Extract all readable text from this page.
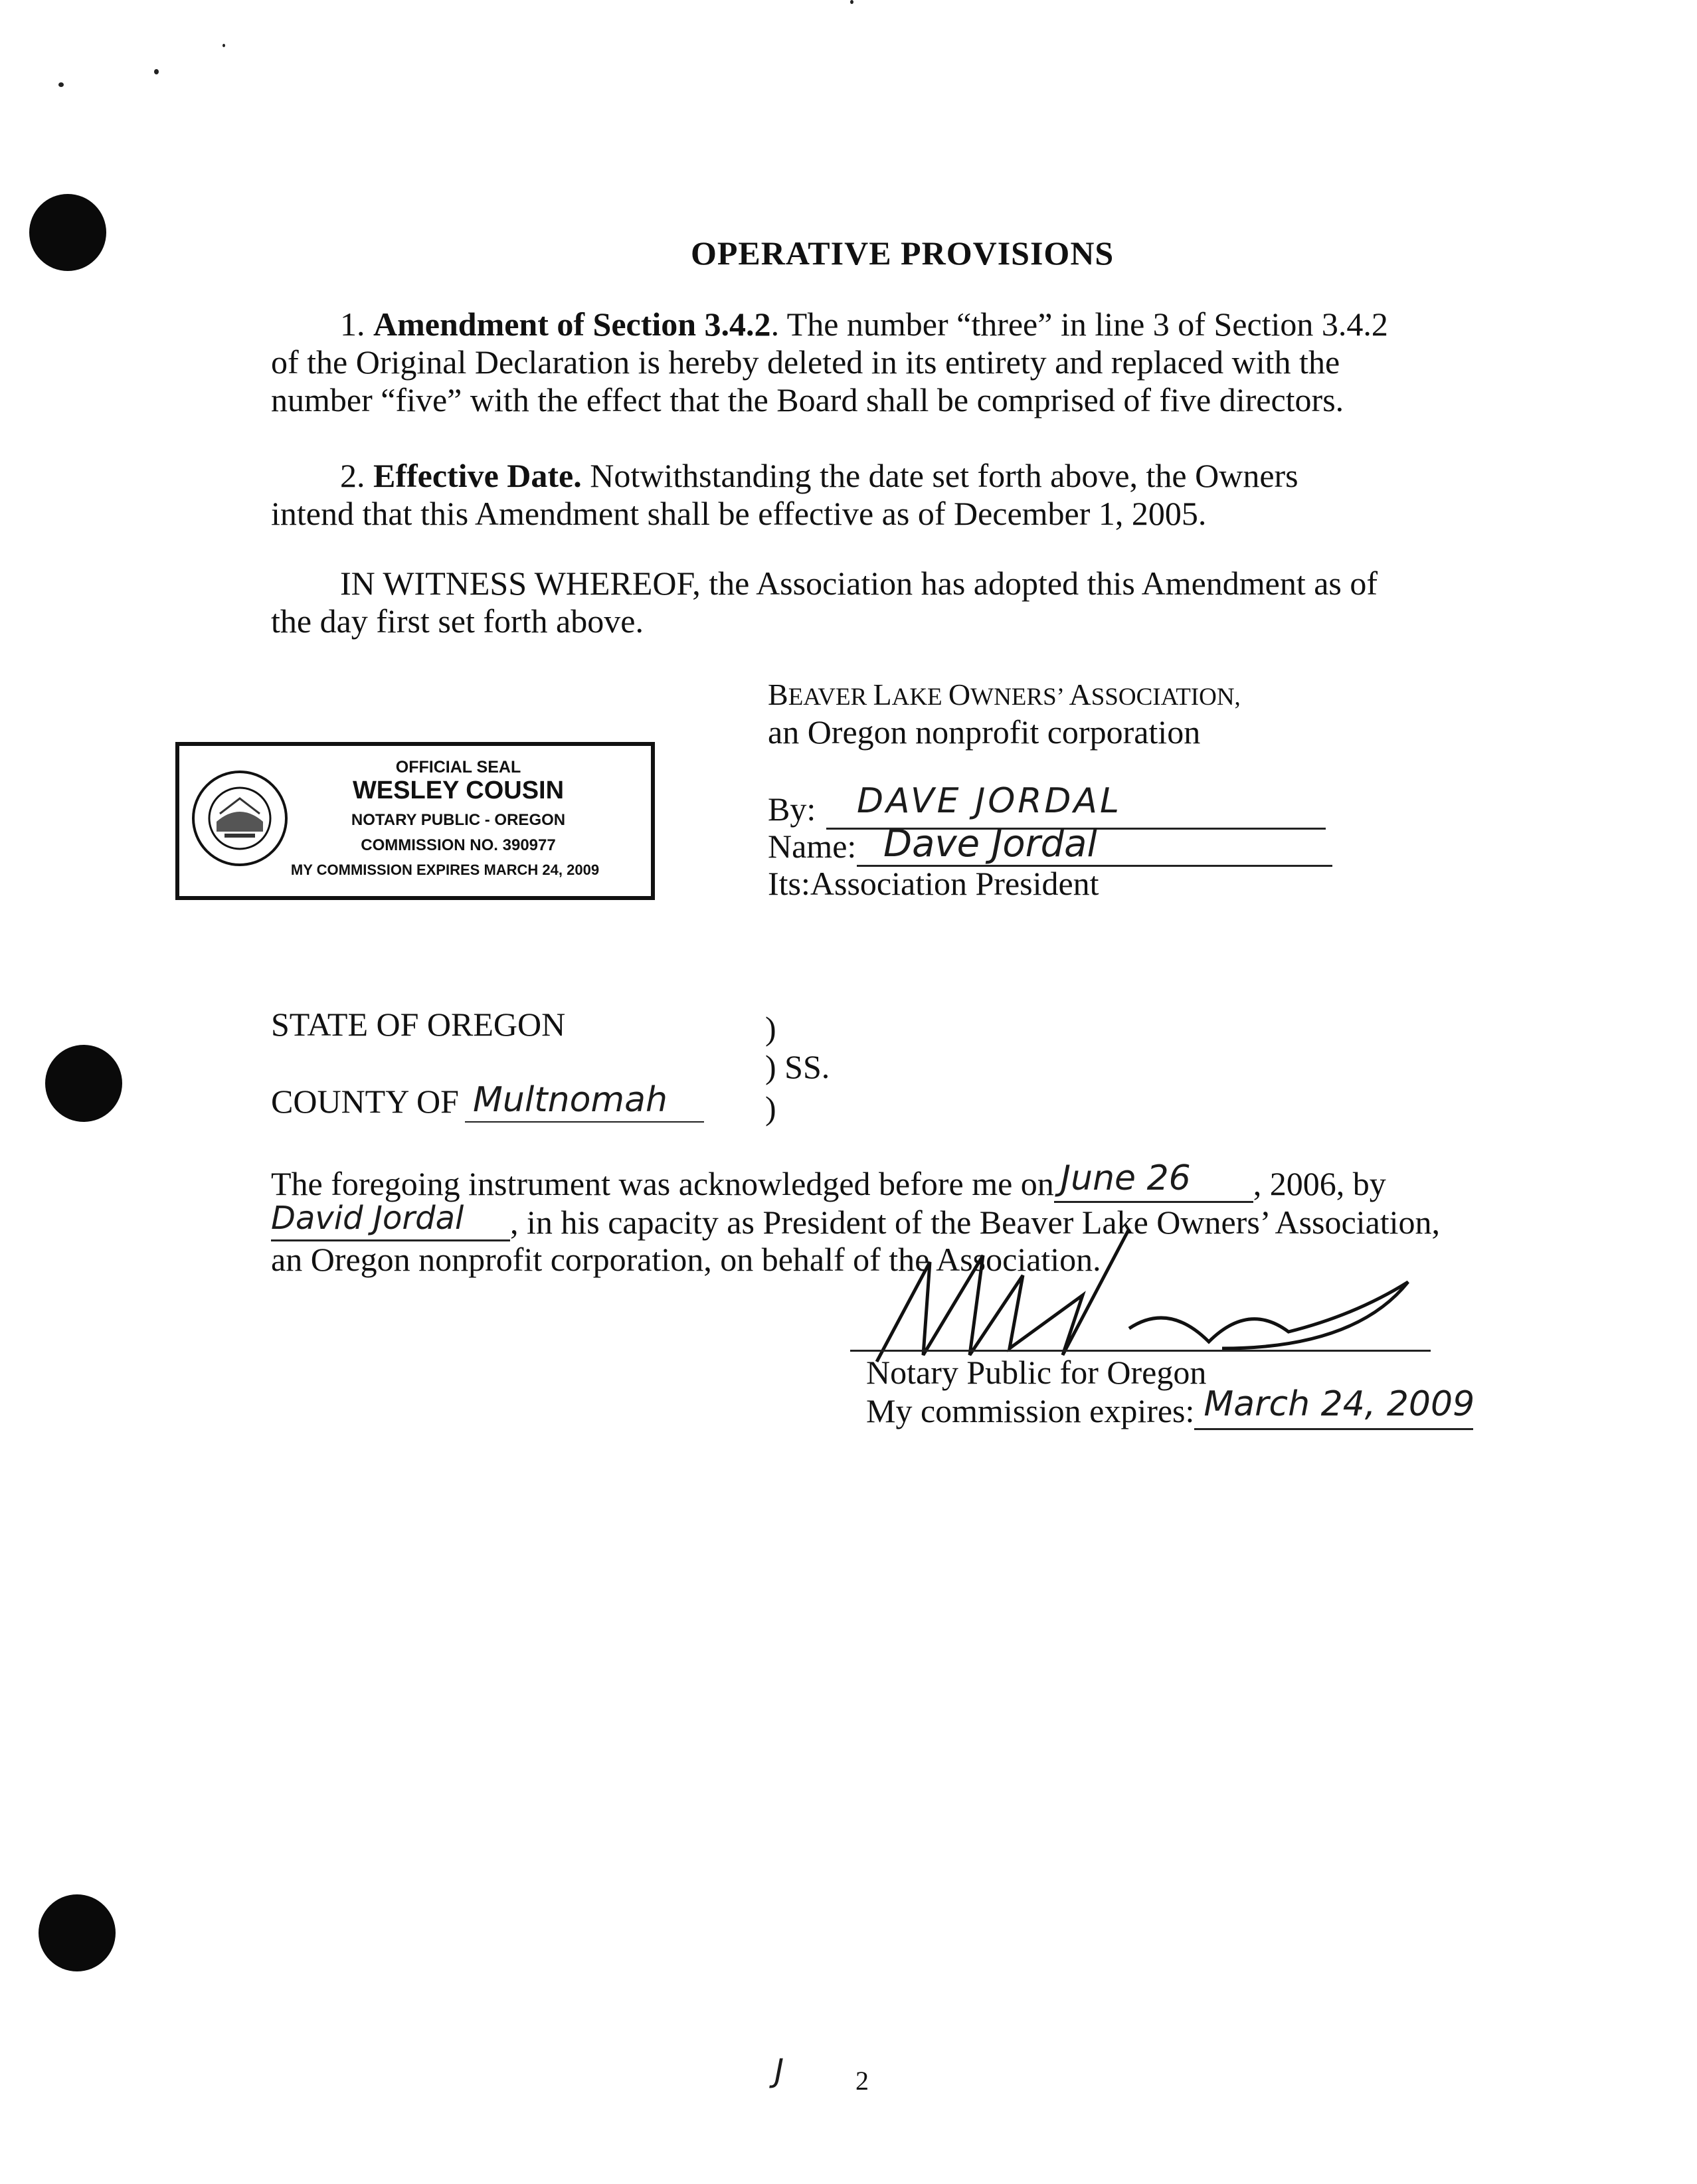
OPERATIVE PROVISIONS
1. Amendment of Section 3.4.2. The number “three” in line 3 of Section 3.4.2
of the Original Declaration is hereby deleted in its entirety and replaced with the
number “five” with the effect that the Board shall be comprised of five directors.
2. Effective Date. Notwithstanding the date set forth above, the Owners
intend that this Amendment shall be effective as of December 1, 2005.
IN WITNESS WHEREOF, the Association has adopted this Amendment as of
the day first set forth above.
BEAVER LAKE OWNERS’ ASSOCIATION,
an Oregon nonprofit corporation
By: DAVE JORDAL
Name: Dave Jordal
Its:Association President
OFFICIAL SEAL
WESLEY COUSIN
NOTARY PUBLIC - OREGON
COMMISSION NO. 390977
MY COMMISSION EXPIRES MARCH 24, 2009
STATE OF OREGON	)
) SS.
COUNTY OF Multnomah	)
The foregoing instrument was acknowledged before me on June 26 , 2006, by
David Jordal , in his capacity as President of the Beaver Lake Owners’ Association,
an Oregon nonprofit corporation, on behalf of the Association.
Notary Public for Oregon
My commission expires: March 24, 2009
J	2
